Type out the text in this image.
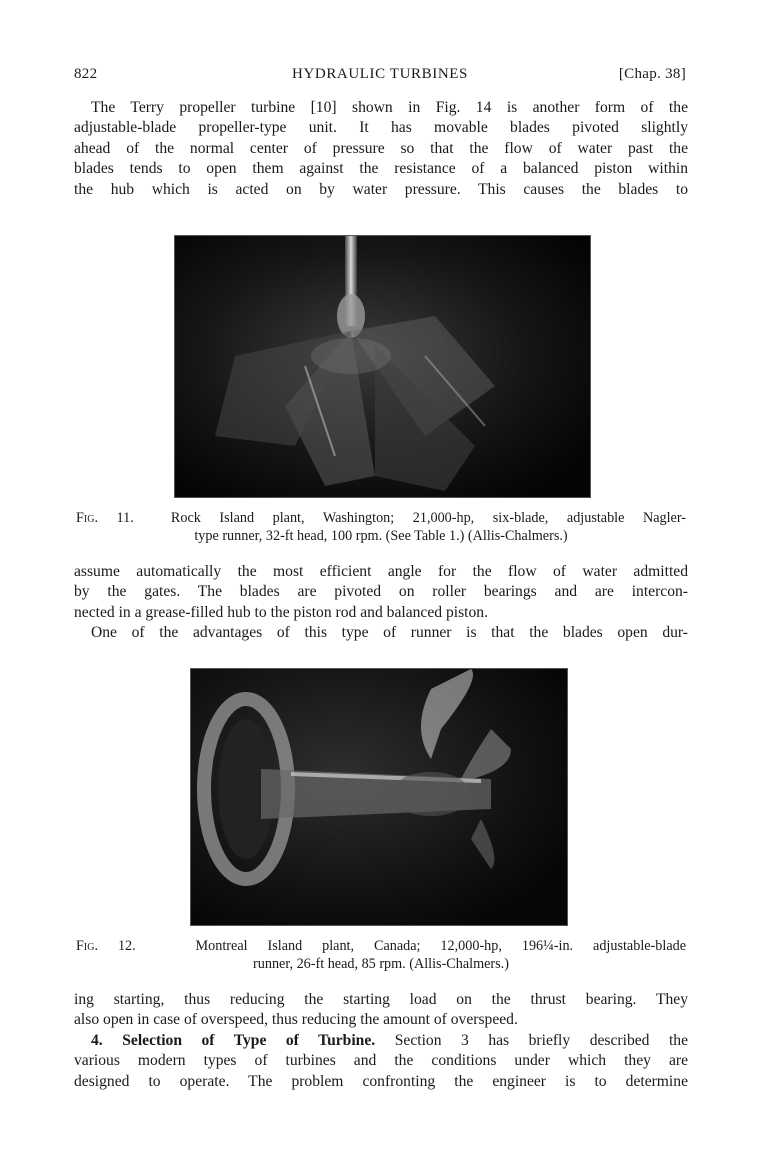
822	HYDRAULIC TURBINES	[Chap. 38]
The Terry propeller turbine [10] shown in Fig. 14 is another form of the
adjustable-blade propeller-type unit. It has movable blades pivoted slightly
ahead of the normal center of pressure so that the flow of water past the
blades tends to open them against the resistance of a balanced piston within
the hub which is acted on by water pressure. This causes the blades to
Fig. 11.	Rock Island plant, Washington; 21,000-hp, six-blade, adjustable Nagler-
type runner, 32-ft head, 100 rpm. (See Table 1.) (Allis-Chalmers.)
assume automatically the most efficient angle for the flow of water admitted
by the gates. The blades are pivoted on roller bearings and are intercon-
nected in a grease-filled hub to the piston rod and balanced piston.
One of the advantages of this type of runner is that the blades open dur-
Fig. 12.	Montreal Island plant, Canada; 12,000-hp, 196¼-in. adjustable-blade
runner, 26-ft head, 85 rpm. (Allis-Chalmers.)
ing starting, thus reducing the starting load on the thrust bearing. They
also open in case of overspeed, thus reducing the amount of overspeed.
4. Selection of Type of Turbine. Section 3 has briefly described the
various modern types of turbines and the conditions under which they are
designed to operate. The problem confronting the engineer is to determine
